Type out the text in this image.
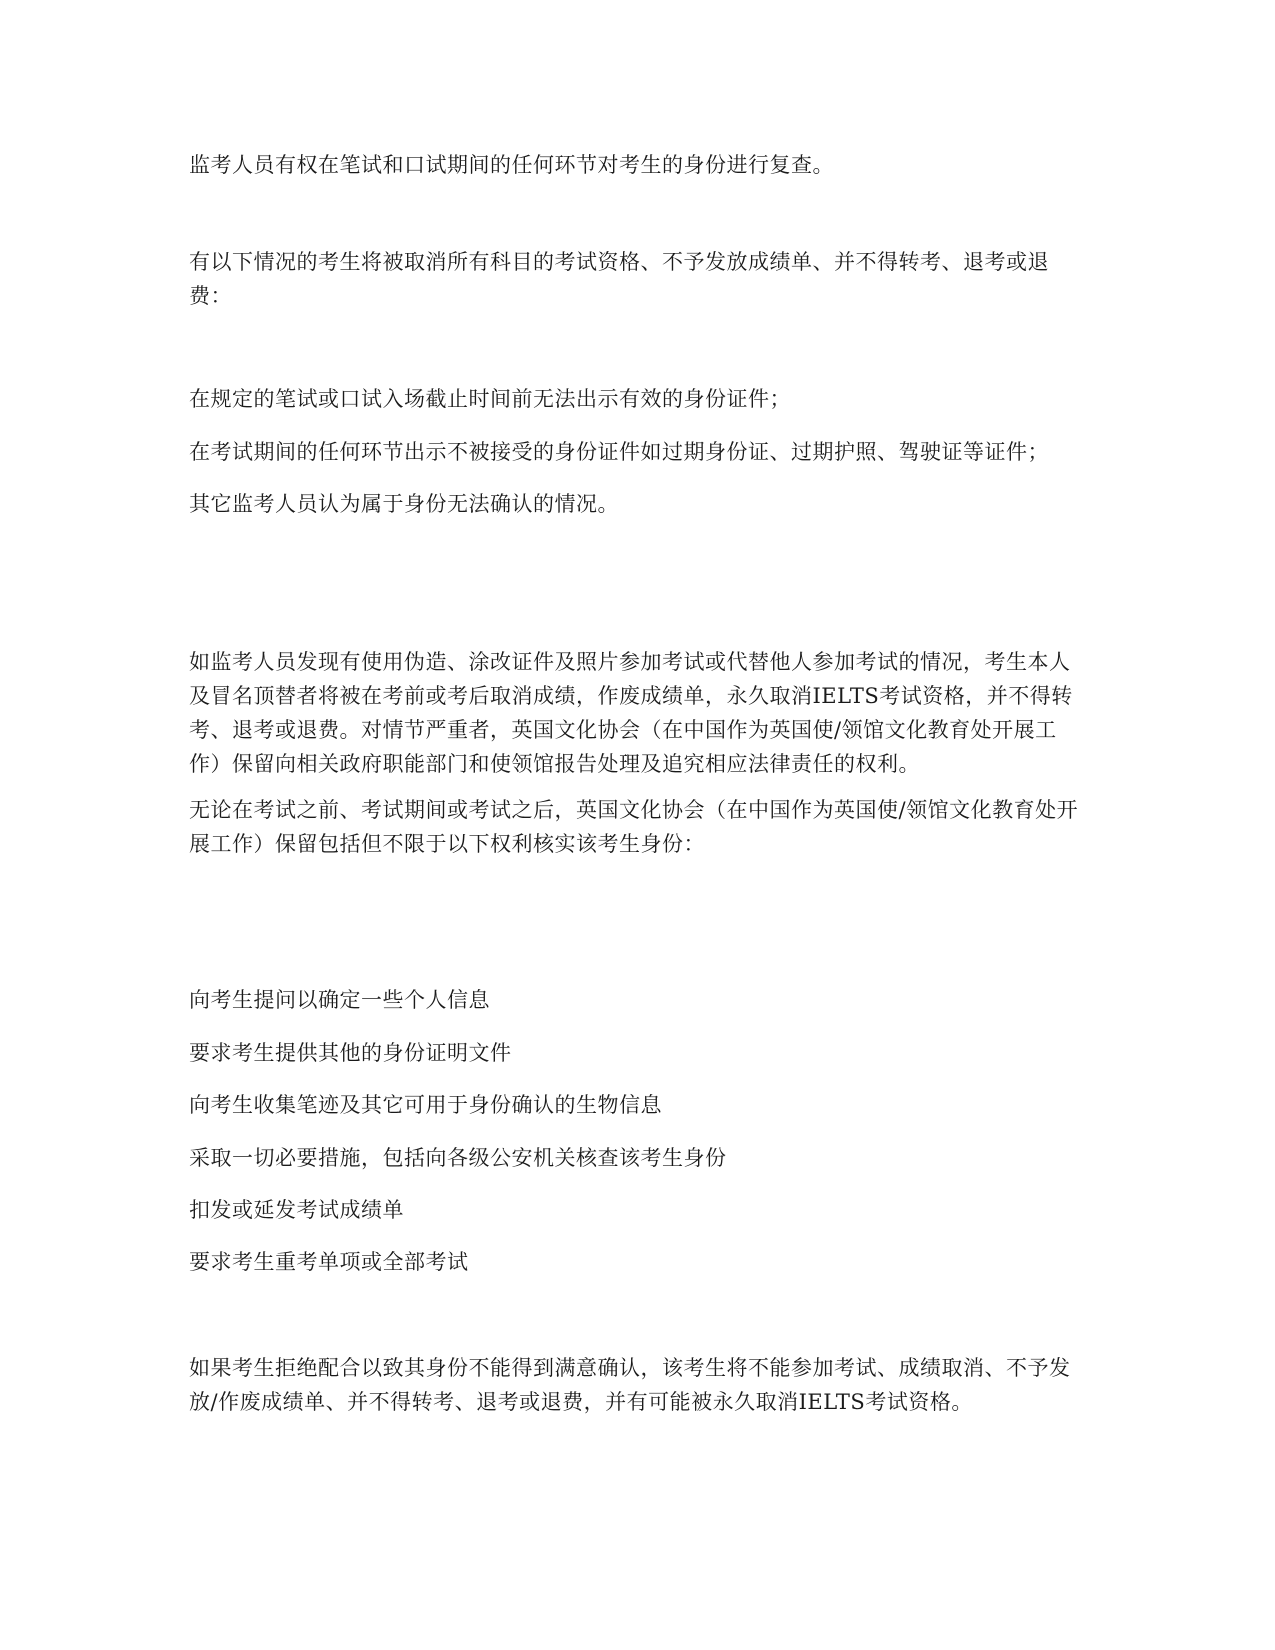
监考人员有权在笔试和口试期间的任何环节对考生的身份进行复查。

有以下情况的考生将被取消所有科目的考试资格、不予发放成绩单、并不得转考、退考或退费：

在规定的笔试或口试入场截止时间前无法出示有效的身份证件；

在考试期间的任何环节出示不被接受的身份证件如过期身份证、过期护照、驾驶证等证件；

其它监考人员认为属于身份无法确认的情况。

如监考人员发现有使用伪造、涂改证件及照片参加考试或代替他人参加考试的情况，考生本人及冒名顶替者将被在考前或考后取消成绩，作废成绩单，永久取消IELTS考试资格，并不得转考、退考或退费。对情节严重者，英国文化协会（在中国作为英国使/领馆文化教育处开展工作）保留向相关政府职能部门和使领馆报告处理及追究相应法律责任的权利。

无论在考试之前、考试期间或考试之后，英国文化协会（在中国作为英国使/领馆文化教育处开展工作）保留包括但不限于以下权利核实该考生身份：

向考生提问以确定一些个人信息

要求考生提供其他的身份证明文件

向考生收集笔迹及其它可用于身份确认的生物信息

采取一切必要措施，包括向各级公安机关核查该考生身份

扣发或延发考试成绩单

要求考生重考单项或全部考试

如果考生拒绝配合以致其身份不能得到满意确认，该考生将不能参加考试、成绩取消、不予发放/作废成绩单、并不得转考、退考或退费，并有可能被永久取消IELTS考试资格。
